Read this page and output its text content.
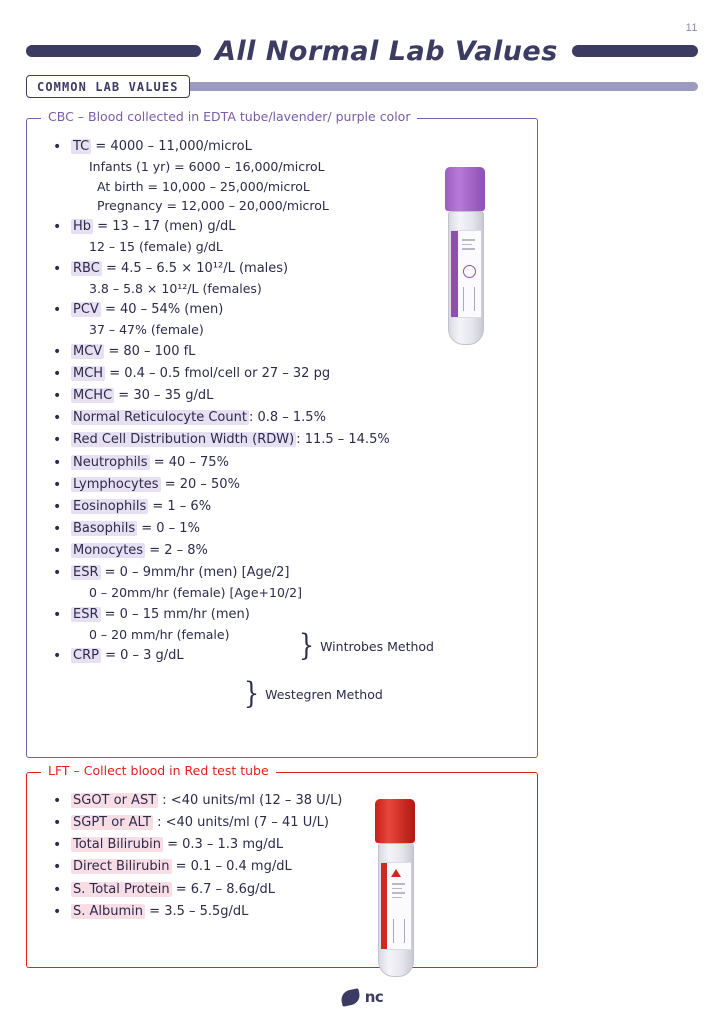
11
All Normal Lab Values
COMMON LAB VALUES
CBC – Blood collected in EDTA tube/lavender/ purple color
• TC = 4000 – 11,000/microL
Infants (1 yr) = 6000 – 16,000/microL
At birth = 10,000 – 25,000/microL
Pregnancy = 12,000 – 20,000/microL
• Hb = 13 – 17 (men) g/dL
12 – 15 (female) g/dL
• RBC = 4.5 – 6.5 × 10¹²/L (males)
3.8 – 5.8 × 10¹²/L (females)
• PCV = 40 – 54% (men)
37 – 47% (female)
• MCV = 80 – 100 fL
• MCH = 0.4 – 0.5 fmol/cell or 27 – 32 pg
• MCHC = 30 – 35 g/dL
• Normal Reticulocyte Count : 0.8 – 1.5%
• Red Cell Distribution Width (RDW) : 11.5 – 14.5%
• Neutrophils = 40 – 75%
• Lymphocytes = 20 – 50%
• Eosinophils = 1 – 6%
• Basophils = 0 – 1%
• Monocytes = 2 – 8%
• ESR = 0 – 9mm/hr (men) [Age/2]
0 – 20mm/hr (female) [Age+10/2]
• ESR = 0 – 15 mm/hr (men)
0 – 20 mm/hr (female)
• CRP = 0 – 3 g/dL	} Wintrobes Method
} Westegren Method
LFT – Collect blood in Red test tube
• SGOT or AST : <40 units/ml (12 – 38 U/L)
• SGPT or ALT : <40 units/ml (7 – 41 U/L)
• Total Bilirubin = 0.3 – 1.3 mg/dL
• Direct Bilirubin = 0.1 – 0.4 mg/dL
• S. Total Protein = 6.7 – 8.6g/dL
• S. Albumin = 3.5 – 5.5g/dL
nc
